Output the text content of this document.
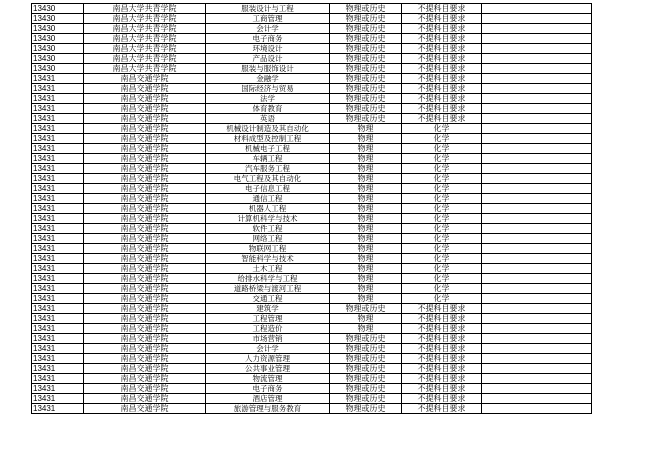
13430	南昌大学共青学院	服装设计与工程	物理或历史	不提科目要求	
13430	南昌大学共青学院	工商管理	物理或历史	不提科目要求	
13430	南昌大学共青学院	会计学	物理或历史	不提科目要求	
13430	南昌大学共青学院	电子商务	物理或历史	不提科目要求	
13430	南昌大学共青学院	环境设计	物理或历史	不提科目要求	
13430	南昌大学共青学院	产品设计	物理或历史	不提科目要求	
13430	南昌大学共青学院	服装与服饰设计	物理或历史	不提科目要求	
13431	南昌交通学院	金融学	物理或历史	不提科目要求	
13431	南昌交通学院	国际经济与贸易	物理或历史	不提科目要求	
13431	南昌交通学院	法学	物理或历史	不提科目要求	
13431	南昌交通学院	体育教育	物理或历史	不提科目要求	
13431	南昌交通学院	英语	物理或历史	不提科目要求	
13431	南昌交通学院	机械设计制造及其自动化	物理	化学	
13431	南昌交通学院	材料成型及控制工程	物理	化学	
13431	南昌交通学院	机械电子工程	物理	化学	
13431	南昌交通学院	车辆工程	物理	化学	
13431	南昌交通学院	汽车服务工程	物理	化学	
13431	南昌交通学院	电气工程及其自动化	物理	化学	
13431	南昌交通学院	电子信息工程	物理	化学	
13431	南昌交通学院	通信工程	物理	化学	
13431	南昌交通学院	机器人工程	物理	化学	
13431	南昌交通学院	计算机科学与技术	物理	化学	
13431	南昌交通学院	软件工程	物理	化学	
13431	南昌交通学院	网络工程	物理	化学	
13431	南昌交通学院	物联网工程	物理	化学	
13431	南昌交通学院	智能科学与技术	物理	化学	
13431	南昌交通学院	土木工程	物理	化学	
13431	南昌交通学院	给排水科学与工程	物理	化学	
13431	南昌交通学院	道路桥梁与渡河工程	物理	化学	
13431	南昌交通学院	交通工程	物理	化学	
13431	南昌交通学院	建筑学	物理或历史	不提科目要求	
13431	南昌交通学院	工程管理	物理	不提科目要求	
13431	南昌交通学院	工程造价	物理	不提科目要求	
13431	南昌交通学院	市场营销	物理或历史	不提科目要求	
13431	南昌交通学院	会计学	物理或历史	不提科目要求	
13431	南昌交通学院	人力资源管理	物理或历史	不提科目要求	
13431	南昌交通学院	公共事业管理	物理或历史	不提科目要求	
13431	南昌交通学院	物流管理	物理或历史	不提科目要求	
13431	南昌交通学院	电子商务	物理或历史	不提科目要求	
13431	南昌交通学院	酒店管理	物理或历史	不提科目要求	
13431	南昌交通学院	旅游管理与服务教育	物理或历史	不提科目要求	
